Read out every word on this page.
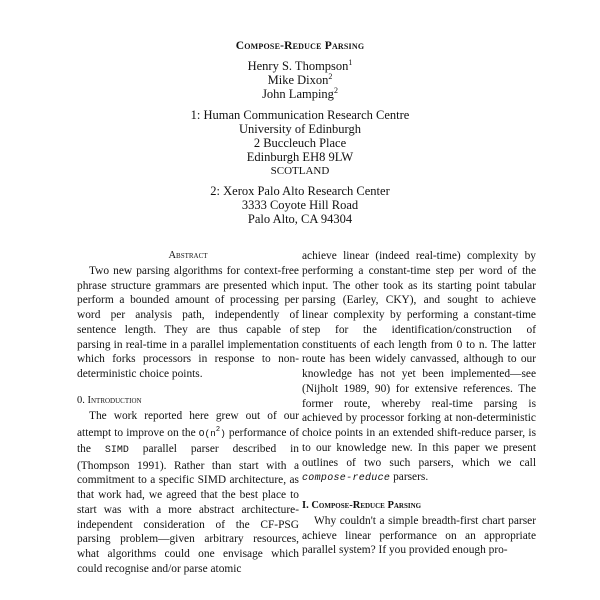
Compose-Reduce Parsing
Henry S. Thompson$^1$
Mike Dixon$^2$
John Lamping$^2$
1: Human Communication Research Centre
University of Edinburgh
2 Buccleuch Place
Edinburgh EH8 9LW
SCOTLAND
2: Xerox Palo Alto Research Center
3333 Coyote Hill Road
Palo Alto, CA 94304

Abstract

Two new parsing algorithms for context-free phrase structure grammars are presented which perform a bounded amount of processing per word per analysis path, independently of sentence length. They are thus capable of parsing in real-time in a parallel implementation which forks processors in response to non-deterministic choice points.

0. Introduction

The work reported here grew out of our attempt to improve on the $O(n^2)$ performance of the SIMD parallel parser described in (Thompson 1991). Rather than start with a commitment to a specific SIMD architecture, as that work had, we agreed that the best place to start was with a more abstract architecture-independent consideration of the CF-PSG parsing problem—given arbitrary resources, what algorithms could one envisage which could recognise and/or parse atomic

achieve linear (indeed real-time) complexity by performing a constant-time step per word of the input. The other took as its starting point tabular parsing (Earley, CKY), and sought to achieve linear complexity by performing a constant-time step for the identification/construction of constituents of each length from 0 to n. The latter route has been widely canvassed, although to our knowledge has not yet been implemented—see (Nijholt 1989, 90) for extensive references. The former route, whereby real-time parsing is achieved by processor forking at non-deterministic choice points in an extended shift-reduce parser, is to our knowledge new. In this paper we present outlines of two such parsers, which we call compose-reduce parsers.

I. Compose-Reduce Parsing

Why couldn't a simple breadth-first chart parser achieve linear performance on an appropriate parallel system? If you provided enough pro-
